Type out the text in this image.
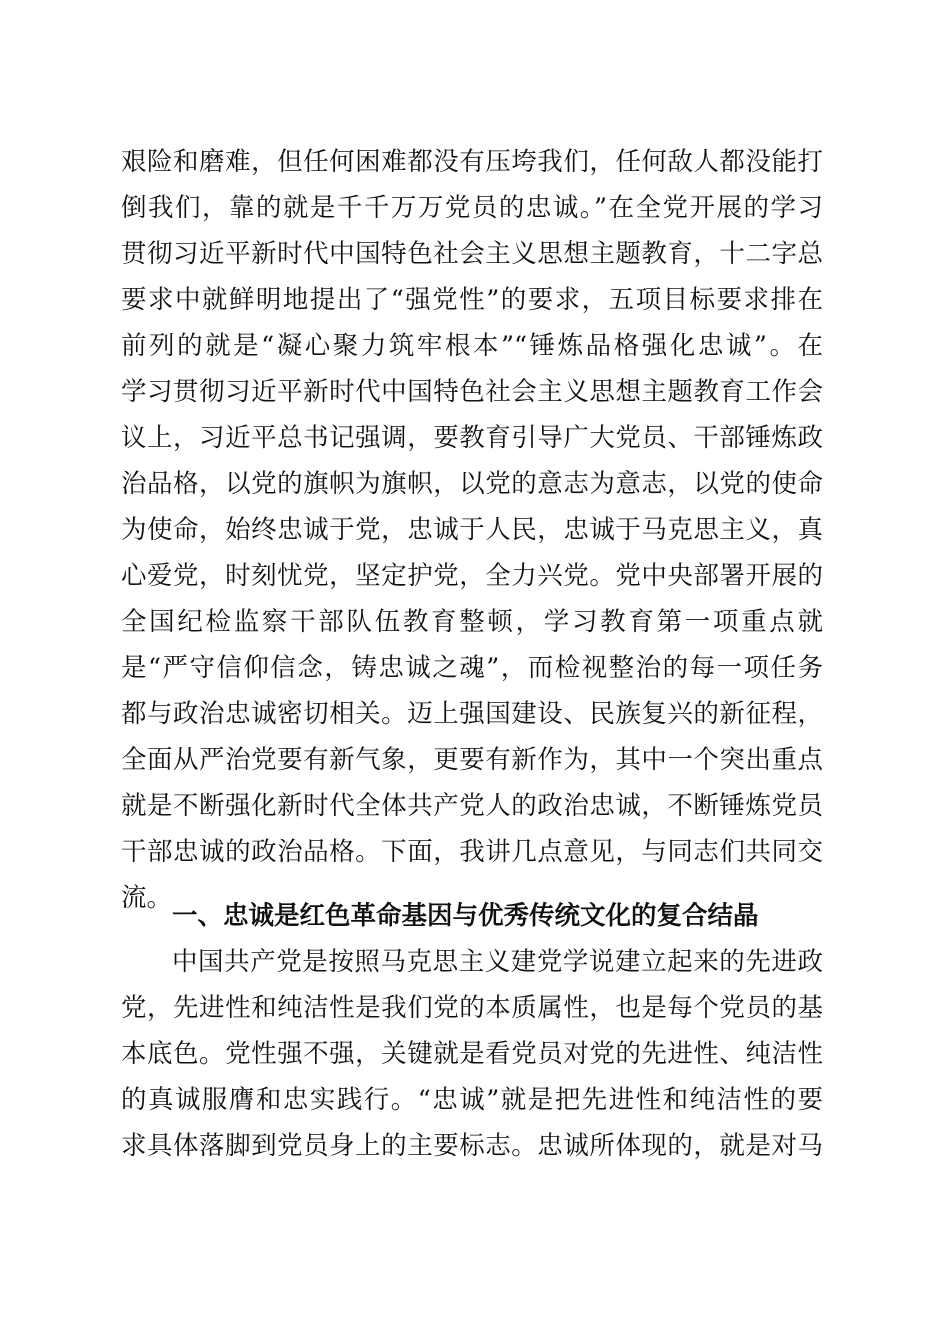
艰险和磨难，但任何困难都没有压垮我们，任何敌人都没能打
倒我们，靠的就是千千万万党员的忠诚。”在全党开展的学习
贯彻习近平新时代中国特色社会主义思想主题教育，十二字总
要求中就鲜明地提出了“强党性”的要求，五项目标要求排在
前列的就是“凝心聚力筑牢根本”“锤炼品格强化忠诚”。在
学习贯彻习近平新时代中国特色社会主义思想主题教育工作会
议上，习近平总书记强调，要教育引导广大党员、干部锤炼政
治品格，以党的旗帜为旗帜，以党的意志为意志，以党的使命
为使命，始终忠诚于党，忠诚于人民，忠诚于马克思主义，真
心爱党，时刻忧党，坚定护党，全力兴党。党中央部署开展的
全国纪检监察干部队伍教育整顿，学习教育第一项重点就
是“严守信仰信念，铸忠诚之魂”，而检视整治的每一项任务
都与政治忠诚密切相关。迈上强国建设、民族复兴的新征程，
全面从严治党要有新气象，更要有新作为，其中一个突出重点
就是不断强化新时代全体共产党人的政治忠诚，不断锤炼党员
干部忠诚的政治品格。下面，我讲几点意见，与同志们共同交
流。
一、忠诚是红色革命基因与优秀传统文化的复合结晶
中国共产党是按照马克思主义建党学说建立起来的先进政
党，先进性和纯洁性是我们党的本质属性，也是每个党员的基
本底色。党性强不强，关键就是看党员对党的先进性、纯洁性
的真诚服膺和忠实践行。“忠诚”就是把先进性和纯洁性的要
求具体落脚到党员身上的主要标志。忠诚所体现的，就是对马
